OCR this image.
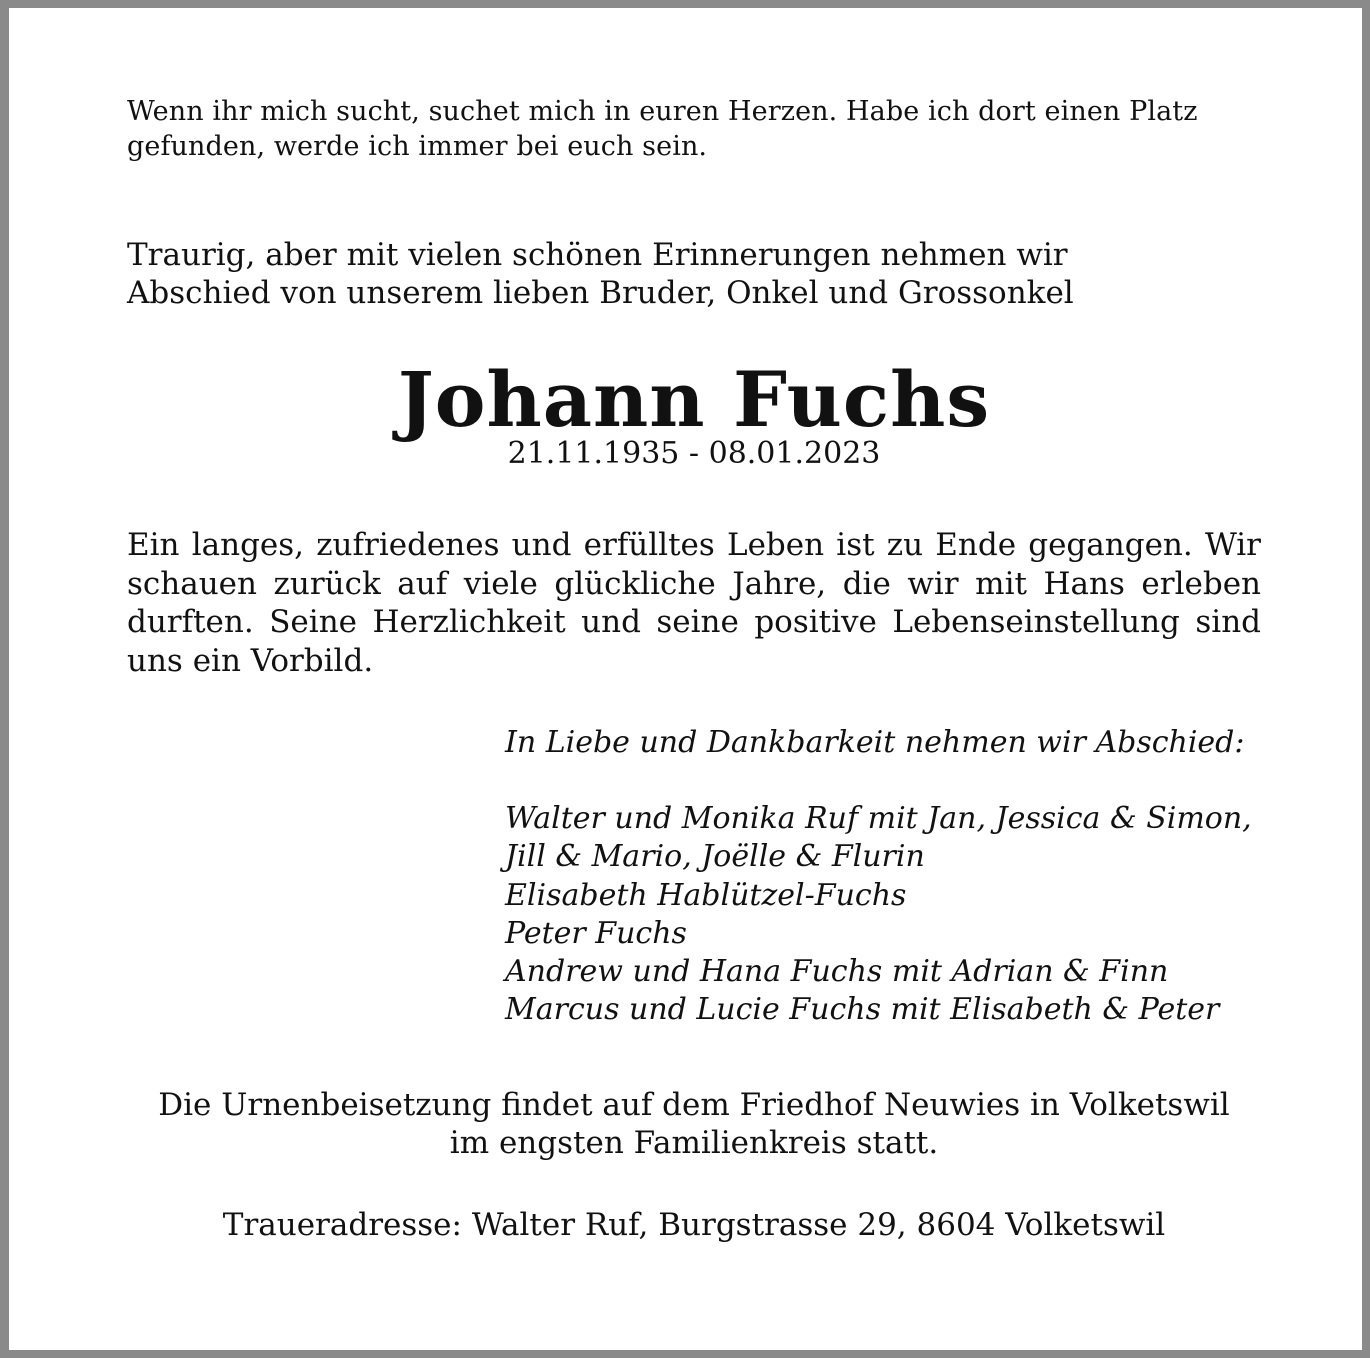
Wenn ihr mich sucht, suchet mich in euren Herzen. Habe ich dort einen Platz
gefunden, werde ich immer bei euch sein.

Traurig, aber mit vielen schönen Erinnerungen nehmen wir
Abschied von unserem lieben Bruder, Onkel und Grossonkel

Johann Fuchs

21.11.1935 - 08.01.2023

Ein langes, zufriedenes und erfülltes Leben ist zu Ende gegangen. Wir schauen zurück auf viele glückliche Jahre, die wir mit Hans erleben durften. Seine Herzlichkeit und seine positive Lebenseinstellung sind uns ein Vorbild.

In Liebe und Dankbarkeit nehmen wir Abschied:

Walter und Monika Ruf mit Jan, Jessica & Simon,
Jill & Mario, Joëlle & Flurin
Elisabeth Hablützel-Fuchs
Peter Fuchs
Andrew und Hana Fuchs mit Adrian & Finn
Marcus und Lucie Fuchs mit Elisabeth & Peter

Die Urnenbeisetzung findet auf dem Friedhof Neuwies in Volketswil
im engsten Familienkreis statt.

Traueradresse: Walter Ruf, Burgstrasse 29, 8604 Volketswil
